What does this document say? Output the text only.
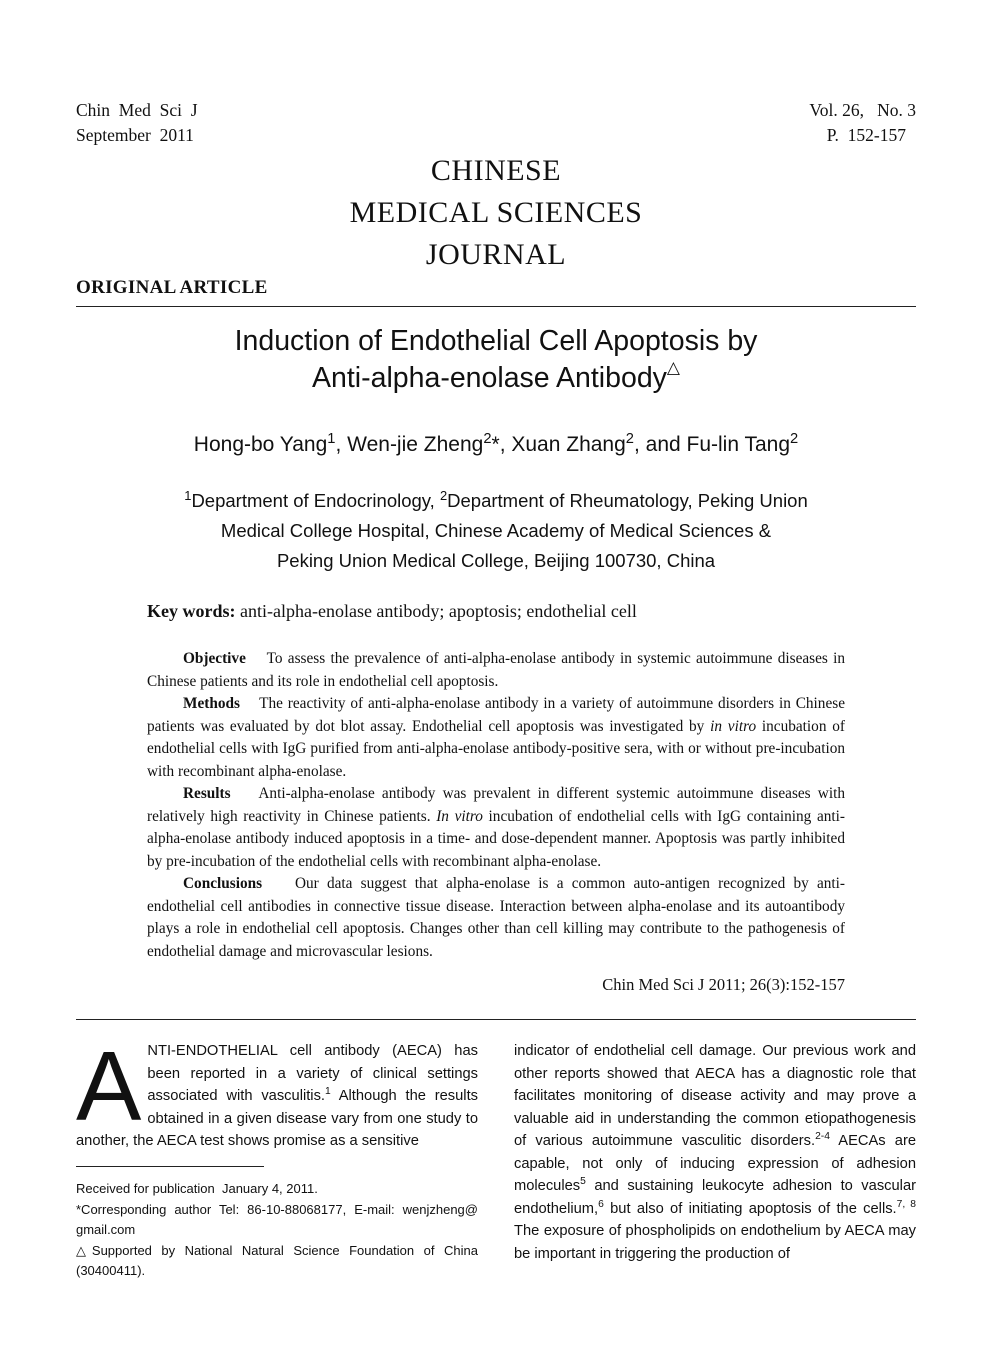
Chin  Med  Sci  J
September  2011
Vol. 26,   No. 3
P.  152-157
CHINESE
MEDICAL SCIENCES
JOURNAL
ORIGINAL ARTICLE
Induction of Endothelial Cell Apoptosis by
Anti-alpha-enolase Antibody△
Hong-bo Yang$^1$, Wen-jie Zheng$^2$*, Xuan Zhang$^2$, and Fu-lin Tang$^2$
$^1$Department of Endocrinology, $^2$Department of Rheumatology, Peking Union
Medical College Hospital, Chinese Academy of Medical Sciences &
Peking Union Medical College, Beijing 100730, China
Key words: anti-alpha-enolase antibody; apoptosis; endothelial cell

Objective To assess the prevalence of anti-alpha-enolase antibody in systemic autoimmune diseases in Chinese patients and its role in endothelial cell apoptosis.

Methods The reactivity of anti-alpha-enolase antibody in a variety of autoimmune disorders in Chinese patients was evaluated by dot blot assay. Endothelial cell apoptosis was investigated by in vitro incubation of endothelial cells with IgG purified from anti-alpha-enolase antibody-positive sera, with or without pre-incubation with recombinant alpha-enolase.

Results Anti-alpha-enolase antibody was prevalent in different systemic autoimmune diseases with relatively high reactivity in Chinese patients. In vitro incubation of endothelial cells with IgG containing anti-alpha-enolase antibody induced apoptosis in a time- and dose-dependent manner. Apoptosis was partly inhibited by pre-incubation of the endothelial cells with recombinant alpha-enolase.

Conclusions Our data suggest that alpha-enolase is a common auto-antigen recognized by anti-endothelial cell antibodies in connective tissue disease. Interaction between alpha-enolase and its autoantibody plays a role in endothelial cell apoptosis. Changes other than cell killing may contribute to the pathogenesis of endothelial damage and microvascular lesions.

Chin Med Sci J 2011; 26(3):152-157
ANTI-ENDOTHELIAL cell antibody (AECA) has been reported in a variety of clinical settings associated with vasculitis.$^1$ Although the results obtained in a given disease vary from one study to another, the AECA test shows promise as a sensitive
Received for publication  January 4, 2011.
*Corresponding author Tel: 86-10-88068177, E-mail: wenjzheng@ gmail.com
△Supported by National Natural Science Foundation of China (30400411).
indicator of endothelial cell damage. Our previous work and other reports showed that AECA has a diagnostic role that facilitates monitoring of disease activity and may prove a valuable aid in understanding the common etiopathogenesis of various autoimmune vasculitic disorders.$^{2-4}$ AECAs are capable, not only of inducing expression of adhesion molecules$^5$ and sustaining leukocyte adhesion to vascular endothelium,$^6$ but also of initiating apoptosis of the cells.$^{7, 8}$ The exposure of phospholipids on endothelium by AECA may be important in triggering the production of
